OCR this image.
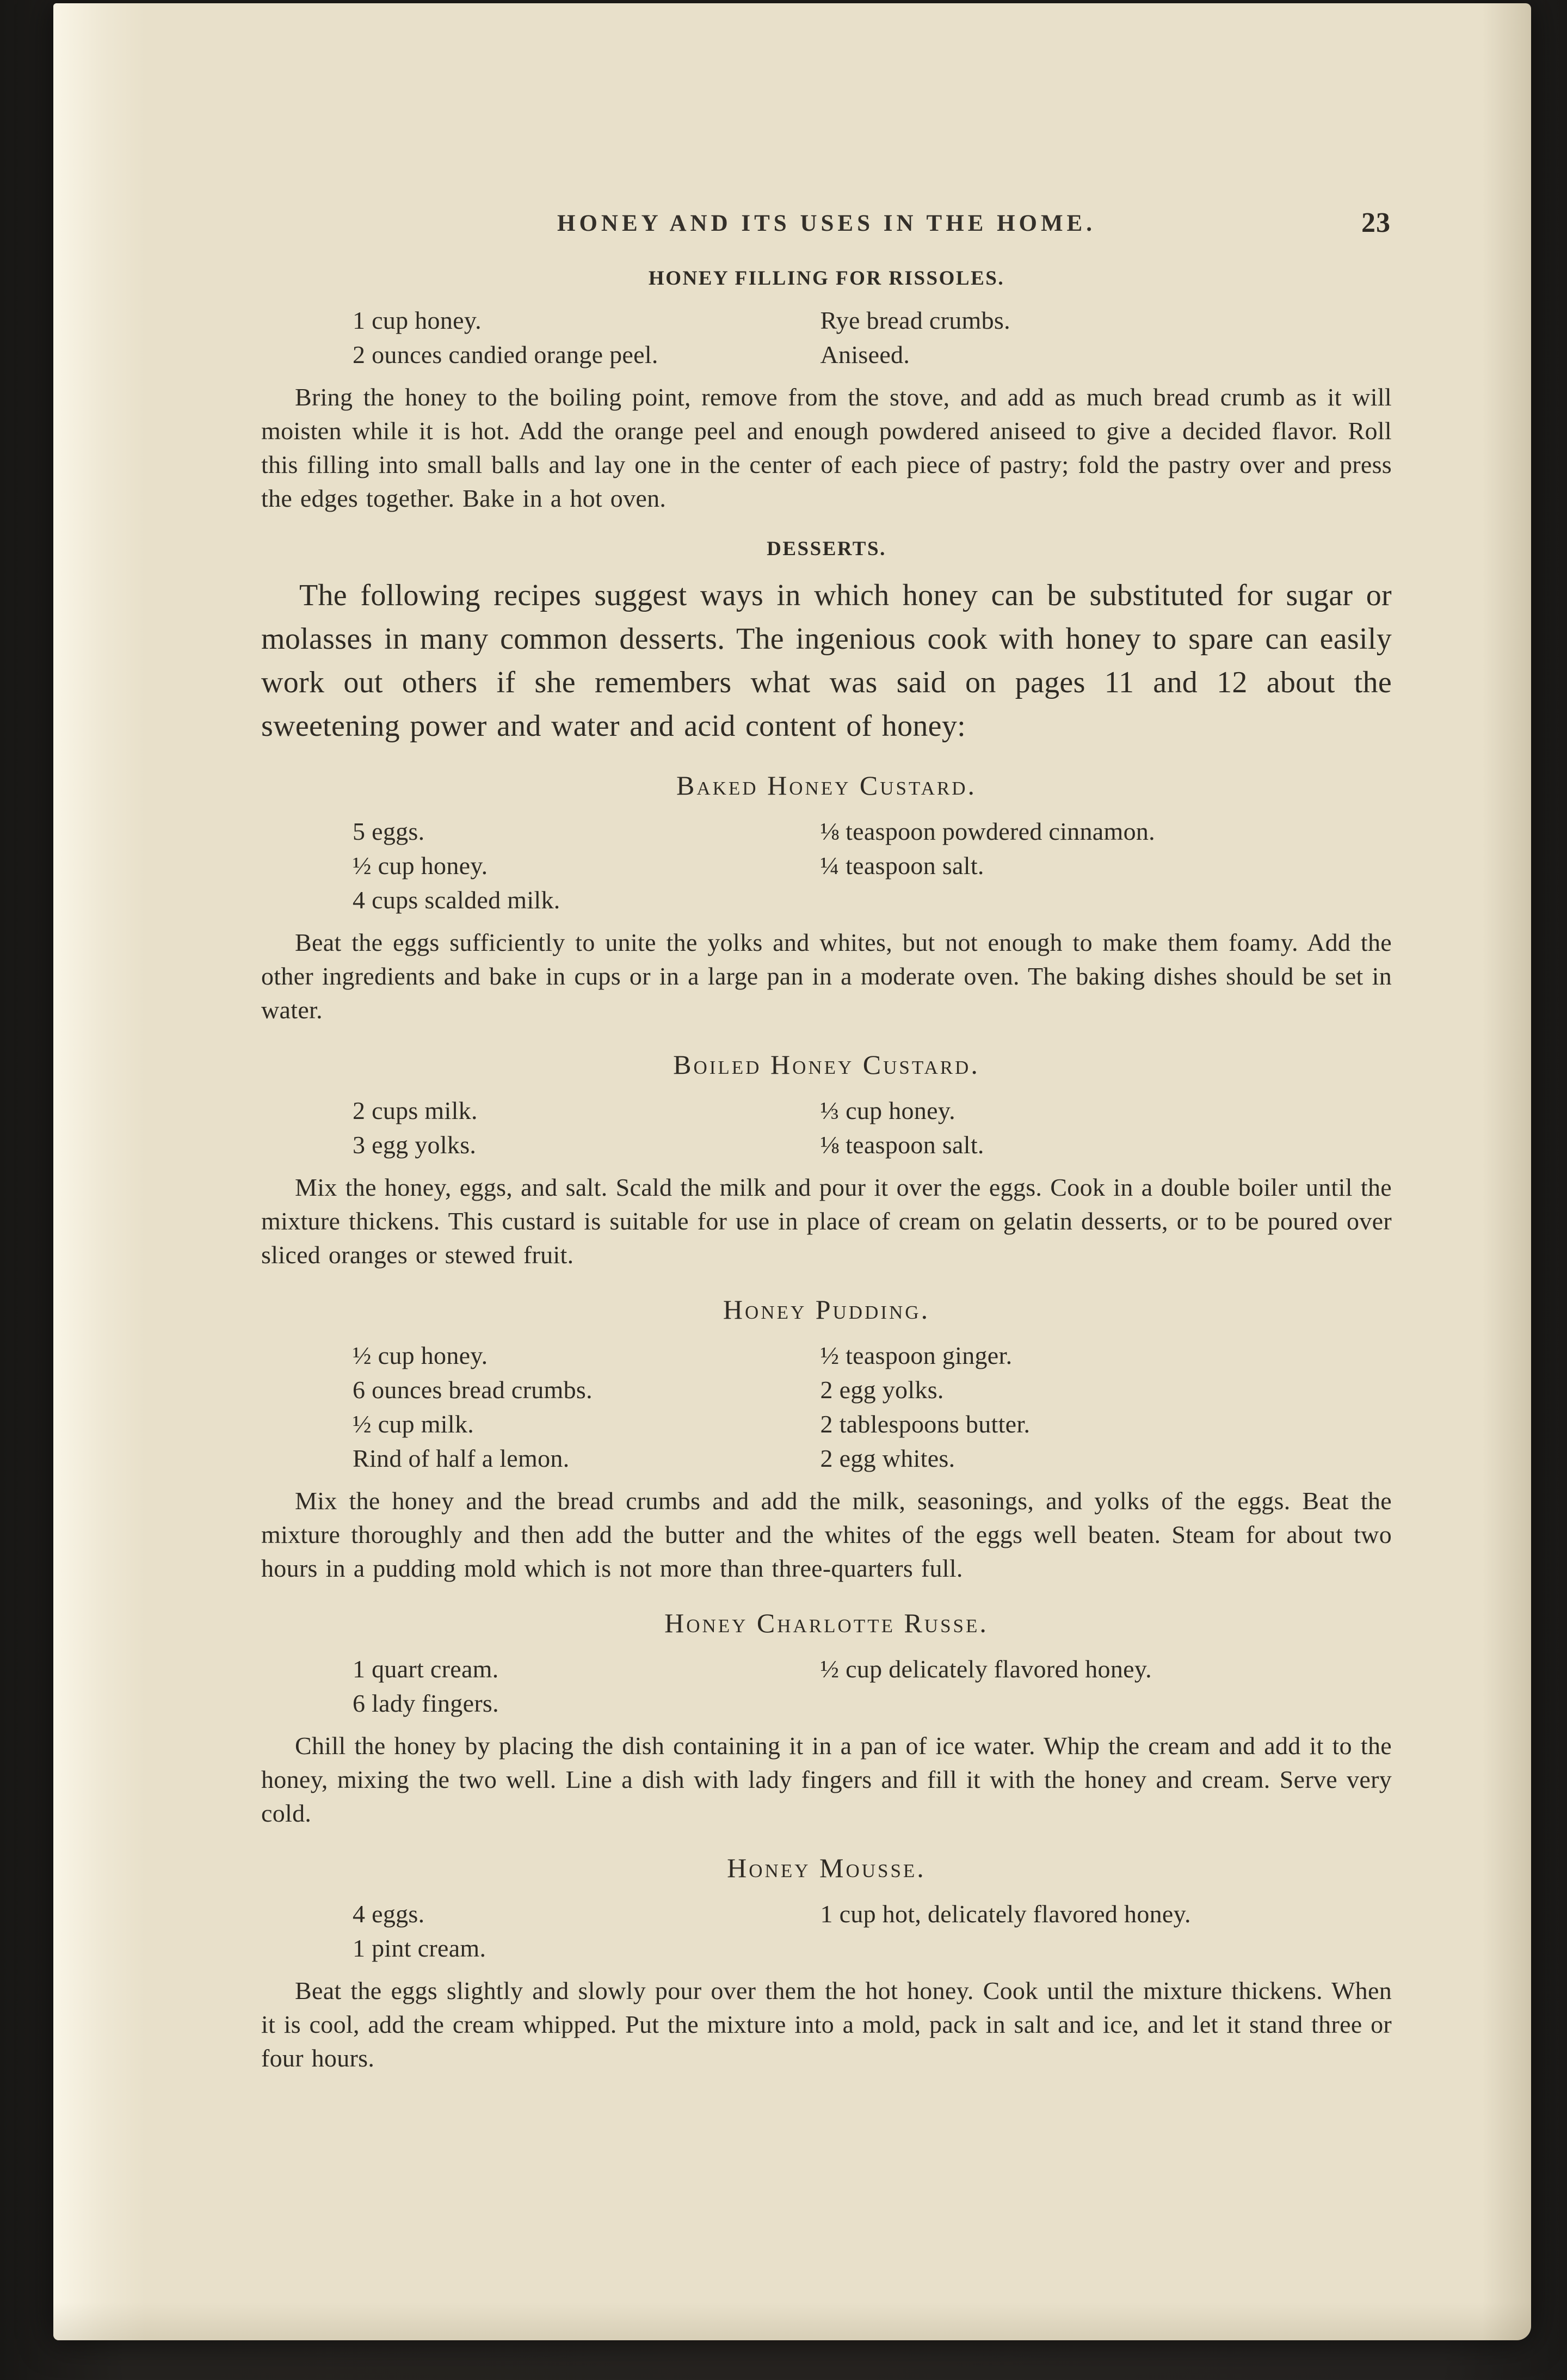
HONEY AND ITS USES IN THE HOME.	23
HONEY FILLING FOR RISSOLES.
1 cup honey.
2 ounces candied orange peel.
Rye bread crumbs.
Aniseed.

Bring the honey to the boiling point, remove from the stove, and add as much bread crumb as it will moisten while it is hot. Add the orange peel and enough powdered aniseed to give a decided flavor. Roll this filling into small balls and lay one in the center of each piece of pastry; fold the pastry over and press the edges together. Bake in a hot oven.

DESSERTS.

The following recipes suggest ways in which honey can be substituted for sugar or molasses in many common desserts. The ingenious cook with honey to spare can easily work out others if she remembers what was said on pages 11 and 12 about the sweetening power and water and acid content of honey:

Baked Honey Custard.
5 eggs.
½ cup honey.
4 cups scalded milk.
⅛ teaspoon powdered cinnamon.
¼ teaspoon salt.

Beat the eggs sufficiently to unite the yolks and whites, but not enough to make them foamy. Add the other ingredients and bake in cups or in a large pan in a moderate oven. The baking dishes should be set in water.

Boiled Honey Custard.
2 cups milk.
3 egg yolks.
⅓ cup honey.
⅛ teaspoon salt.

Mix the honey, eggs, and salt. Scald the milk and pour it over the eggs. Cook in a double boiler until the mixture thickens. This custard is suitable for use in place of cream on gelatin desserts, or to be poured over sliced oranges or stewed fruit.

Honey Pudding.
½ cup honey.
6 ounces bread crumbs.
½ cup milk.
Rind of half a lemon.
½ teaspoon ginger.
2 egg yolks.
2 tablespoons butter.
2 egg whites.

Mix the honey and the bread crumbs and add the milk, seasonings, and yolks of the eggs. Beat the mixture thoroughly and then add the butter and the whites of the eggs well beaten. Steam for about two hours in a pudding mold which is not more than three-quarters full.

Honey Charlotte Russe.
1 quart cream.
6 lady fingers.
½ cup delicately flavored honey.

Chill the honey by placing the dish containing it in a pan of ice water. Whip the cream and add it to the honey, mixing the two well. Line a dish with lady fingers and fill it with the honey and cream. Serve very cold.

Honey Mousse.
4 eggs.
1 pint cream.
1 cup hot, delicately flavored honey.

Beat the eggs slightly and slowly pour over them the hot honey. Cook until the mixture thickens. When it is cool, add the cream whipped. Put the mixture into a mold, pack in salt and ice, and let it stand three or four hours.
